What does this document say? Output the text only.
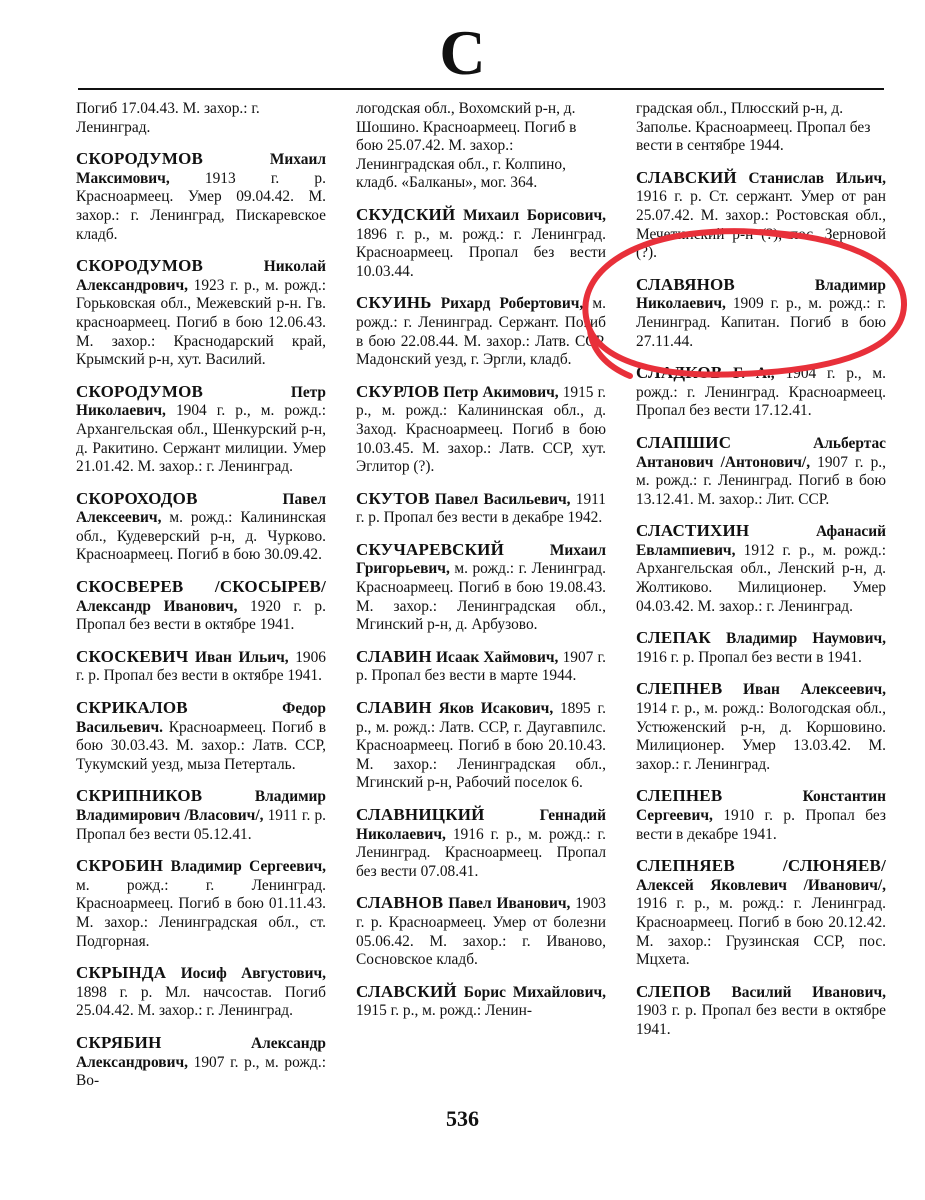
С
Погиб 17.04.43. М. захор.: г. Ленинград.
СКОРОДУМОВ	Михаил Максимович, 1913 г. р. Красноармеец. Умер 09.04.42. М. захор.: г. Ленинград, Пискаревское кладб.
СКОРОДУМОВ	Николай Александрович, 1923 г. р., м. рожд.: Горьковская обл., Межевский р-н. Гв. красноармеец. Погиб в бою 12.06.43. М. захор.: Краснодарский край, Крымский р-н, хут. Василий.
СКОРОДУМОВ	Петр Николаевич, 1904 г. р., м. рожд.: Архангельская обл., Шенкурский р-н, д. Ракитино. Сержант милиции. Умер 21.01.42. М. захор.: г. Ленинград.
СКОРОХОДОВ	Павел Алексеевич, м. рожд.: Калининская обл., Кудеверский р-н, д. Чурково. Красноармеец. Погиб в бою 30.09.42.
СКОСВЕРЕВ /СКОСЫРЕВ/ Александр Иванович, 1920 г. р. Пропал без вести в октябре 1941.
СКОСКЕВИЧ Иван Ильич, 1906 г. р. Пропал без вести в октябре 1941.
СКРИКАЛОВ	Федор Васильевич. Красноармеец. Погиб в бою 30.03.43. М. захор.: Латв. ССР, Тукумский уезд, мыза Петерталь.
СКРИПНИКОВ	Владимир Владимирович /Власович/, 1911 г. р. Пропал без вести 05.12.41.
СКРОБИН Владимир Сергеевич, м. рожд.: г. Ленинград. Красноармеец. Погиб в бою 01.11.43. М. захор.: Ленинградская обл., ст. Подгорная.
СКРЫНДА Иосиф Августович, 1898 г. р. Мл. начсостав. Погиб 25.04.42. М. захор.: г. Ленинград.
СКРЯБИН	Александр Александрович, 1907 г. р., м. рожд.: Во-
логодская обл., Вохомский р-н, д. Шошино. Красноармеец. Погиб в бою 25.07.42. М. захор.: Ленинградская обл., г. Колпино, кладб. «Балканы», мог. 364.
СКУДСКИЙ Михаил Борисович, 1896 г. р., м. рожд.: г. Ленинград. Красноармеец. Пропал без вести 10.03.44.
СКУИНЬ Рихард Робертович, м. рожд.: г. Ленинград. Сержант. Погиб в бою 22.08.44. М. захор.: Латв. ССР, Мадонский уезд, г. Эргли, кладб.
СКУРЛОВ Петр Акимович, 1915 г. р., м. рожд.: Калининская обл., д. Заход. Красноармеец. Погиб в бою 10.03.45. М. захор.: Латв. ССР, хут. Эглитор (?).
СКУТОВ Павел Васильевич, 1911 г. р. Пропал без вести в декабре 1942.
СКУЧАРЕВСКИЙ	Михаил Григорьевич, м. рожд.: г. Ленинград. Красноармеец. Погиб в бою 19.08.43. М. захор.: Ленинградская обл., Мгинский р-н, д. Арбузово.
СЛАВИН Исаак Хаймович, 1907 г. р. Пропал без вести в марте 1944.
СЛАВИН Яков Исакович, 1895 г. р., м. рожд.: Латв. ССР, г. Даугавпилс. Красноармеец. Погиб в бою 20.10.43. М. захор.: Ленинградская обл., Мгинский р-н, Рабочий поселок 6.
СЛАВНИЦКИЙ	Геннадий Николаевич, 1916 г. р., м. рожд.: г. Ленинград. Красноармеец. Пропал без вести 07.08.41.
СЛАВНОВ Павел Иванович, 1903 г. р. Красноармеец. Умер от болезни 05.06.42. М. захор.: г. Иваново, Сосновское кладб.
СЛАВСКИЙ Борис Михайлович, 1915 г. р., м. рожд.: Ленин-
градская обл., Плюсский р-н, д. Заполье. Красноармеец. Пропал без вести в сентябре 1944.
СЛАВСКИЙ Станислав Ильич, 1916 г. р. Ст. сержант. Умер от ран 25.07.42. М. захор.: Ростовская обл., Мечетинский р-н (?), пос. Зерновой (?).
СЛАВЯНОВ	Владимир Николаевич, 1909 г. р., м. рожд.: г. Ленинград. Капитан. Погиб в бою 27.11.44.
СЛАДКОВ Г. А., 1904 г. р., м. рожд.: г. Ленинград. Красноармеец. Пропал без вести 17.12.41.
СЛАПШИС	Альбертас Антанович /Антонович/, 1907 г. р., м. рожд.: г. Ленинград. Погиб в бою 13.12.41. М. захор.: Лит. ССР.
СЛАСТИХИН	Афанасий Евлампиевич, 1912 г. р., м. рожд.: Архангельская обл., Ленский р-н, д. Жолтиково. Милиционер. Умер 04.03.42. М. захор.: г. Ленинград.
СЛЕПАК Владимир Наумович, 1916 г. р. Пропал без вести в 1941.
СЛЕПНЕВ Иван Алексеевич, 1914 г. р., м. рожд.: Вологодская обл., Устюженский р-н, д. Коршовино. Милиционер. Умер 13.03.42. М. захор.: г. Ленинград.
СЛЕПНЕВ	Константин Сергеевич, 1910 г. р. Пропал без вести в декабре 1941.
СЛЕПНЯЕВ /СЛЮНЯЕВ/ Алексей Яковлевич /Иванович/, 1916 г. р., м. рожд.: г. Ленинград. Красноармеец. Погиб в бою 20.12.42. М. захор.: Грузинская ССР, пос. Мцхета.
СЛЕПОВ Василий Иванович, 1903 г. р. Пропал без вести в октябре 1941.
536
